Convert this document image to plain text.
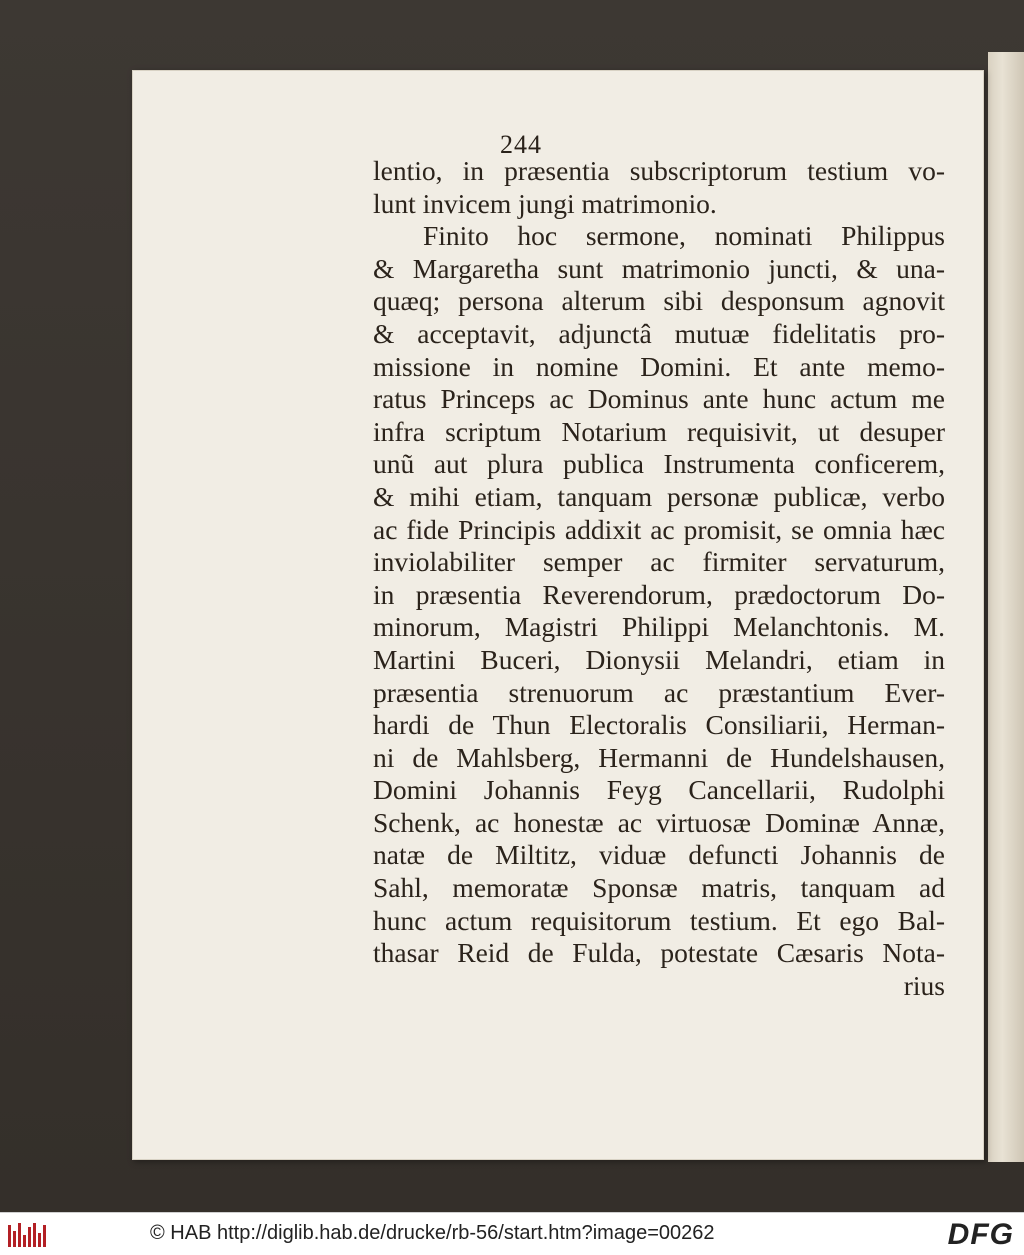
244
lentio, in præsentia subscriptorum testium vo-
lunt invicem jungi matrimonio.
Finito hoc sermone, nominati Philippus
& Margaretha sunt matrimonio juncti, & una-
quæq; persona alterum sibi desponsum agnovit
& acceptavit, adjunctâ mutuæ fidelitatis pro-
missione in nomine Domini. Et ante memo-
ratus Princeps ac Dominus ante hunc actum me
infra scriptum Notarium requisivit, ut desuper
unũ aut plura publica Instrumenta conficerem,
& mihi etiam, tanquam personæ publicæ, verbo
ac fide Principis addixit ac promisit, se omnia hæc
inviolabiliter semper ac firmiter servaturum,
in præsentia Reverendorum, prædoctorum Do-
minorum, Magistri Philippi Melanchtonis. M.
Martini Buceri, Dionysii Melandri, etiam in
præsentia strenuorum ac præstantium Ever-
hardi de Thun Electoralis Consiliarii, Herman-
ni de Mahlsberg, Hermanni de Hundelshausen,
Domini Johannis Feyg Cancellarii, Rudolphi
Schenk, ac honestæ ac virtuosæ Dominæ Annæ,
natæ de Miltitz, viduæ defuncti Johannis de
Sahl, memoratæ Sponsæ matris, tanquam ad
hunc actum requisitorum testium. Et ego Bal-
thasar Reid de Fulda, potestate Cæsaris Nota-
rius
© HAB http://diglib.hab.de/drucke/rb-56/start.htm?image=00262	DFG
